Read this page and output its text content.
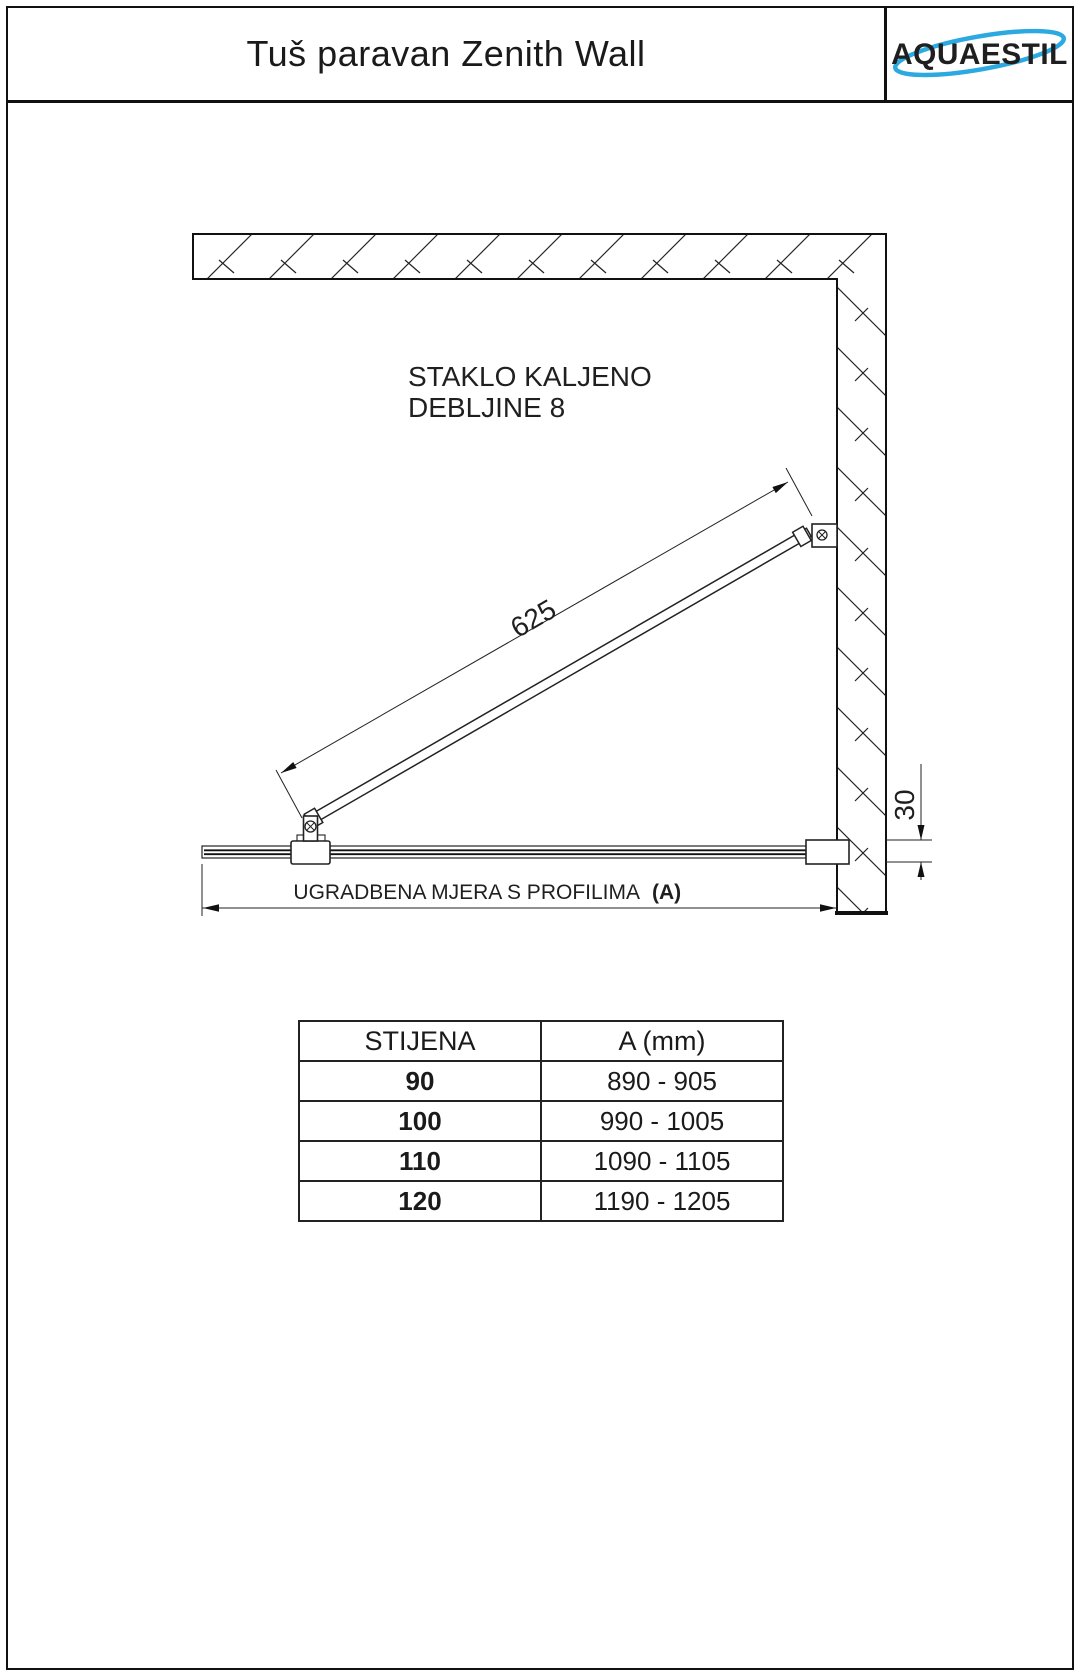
Tuš paravan Zenith Wall	AQUAESTIL
625
30
UGRADBENA MJERA S PROFILIMA (A)
STAKLO KALJENO
DEBLJINE 8
STIJENA	A (mm)
90	890 - 905
100	990 - 1005
110	1090 - 1105
120	1190 - 1205
